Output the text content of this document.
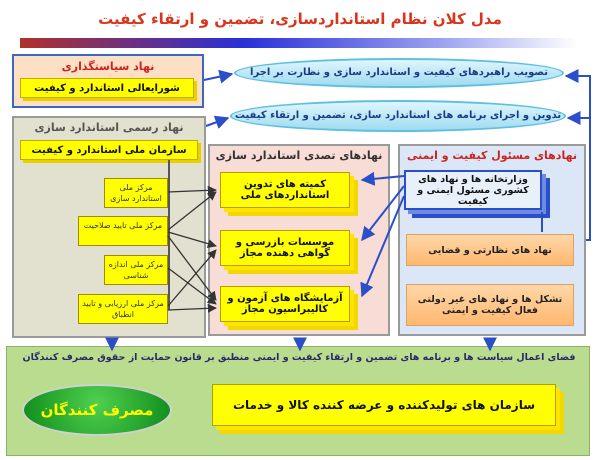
مدل کلان نظام استانداردسازی، تضمین و ارتقاء کیفیت
فضای اعمال سیاست ها و برنامه های تضمین و ارتقاء کیفیت و ایمنی منطبق بر قانون حمایت از حقوق مصرف کنندگان
مصرف کنندگان	سازمان های تولیدکننده و عرضه کننده کالا و خدمات
نهاد سیاستگذاری
شورایعالی استاندارد و کیفیت
نهاد رسمی استاندارد سازی
سازمان ملی استاندارد و کیفیت
مرکز ملی استاندارد سازی
مرکز ملی تایید صلاحیت
مرکز ملی اندازه شناسی
مرکز ملی ارزیابی و تایید انطباق
تصویب راهبردهای کیفیت و استاندارد سازی و نظارت بر اجرا
تدوین و اجرای برنامه های استاندارد سازی، تضمین و ارتقاء کیفیت
نهادهای تصدی استاندارد سازی
کمیته های تدوین استانداردهای ملی
موسسات بازرسی و گواهی دهنده مجاز
آزمایشگاه های آزمون و کالیبراسیون مجاز
نهادهای مسئول کیفیت و ایمنی
وزارتخانه ها و نهاد های کشوری مسئول ایمنی و کیفیت
نهاد های نظارتی و قضایی
تشکل ها و نهاد های غیر دولتی فعال کیفیت و ایمنی
